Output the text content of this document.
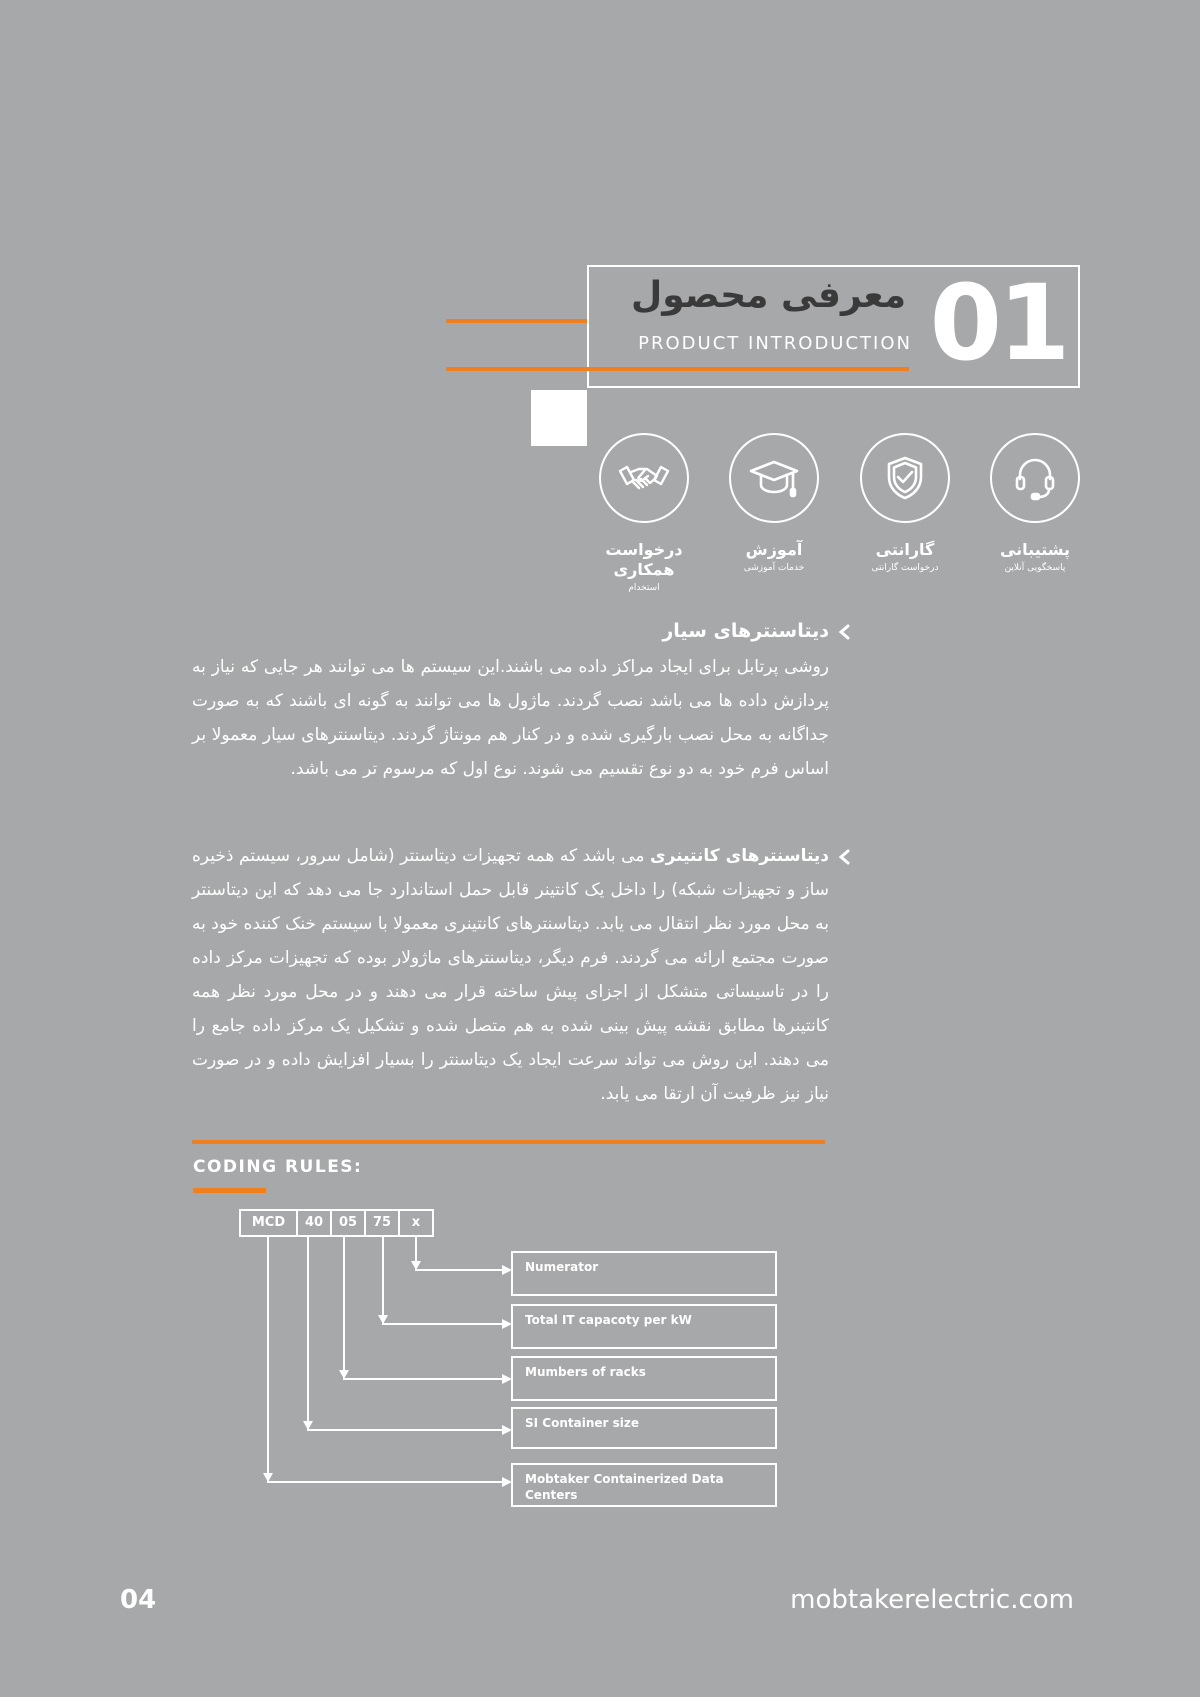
01
معرفی محصول
PRODUCT INTRODUCTION
پشتیبانی
پاسخگویی آنلاین
گارانتی
درخواست گارانتی
آموزش
خدمات آموزشی
درخواست همکاری
استخدام
دیتاسنترهای سیار
روشی پرتابل برای ایجاد مراکز داده می باشند.این سیستم ها می توانند هر جایی که نیاز به پردازش داده ها می باشد نصب گردند. ماژول ها می توانند به گونه ای باشند که به صورت جداگانه به محل نصب بارگیری شده و در کنار هم مونتاژ گردند. دیتاسنترهای سیار معمولا بر اساس فرم خود به دو نوع تقسیم می شوند. نوع اول که مرسوم تر می باشد.
دیتاسنترهای کانتینری می باشد که همه تجهیزات دیتاسنتر (شامل سرور، سیستم ذخیره ساز و تجهیزات شبکه) را داخل یک کانتینر قابل حمل استاندارد جا می دهد که این دیتاسنتر به محل مورد نظر انتقال می یابد. دیتاسنترهای کانتینری معمولا با سیستم خنک کننده خود به صورت مجتمع ارائه می گردند. فرم دیگر، دیتاسنترهای ماژولار بوده که تجهیزات مرکز داده را در تاسیساتی متشکل از اجزای پیش ساخته قرار می دهند و در محل مورد نظر همه کانتینرها مطابق نقشه پیش بینی شده به هم متصل شده و تشکیل یک مرکز داده جامع را می دهند. این روش می تواند سرعت ایجاد یک دیتاسنتر را بسیار افزایش داده و در صورت نیاز نیز ظرفیت آن ارتقا می یابد.
CODING RULES:
MCD	40	05	75	x
Numerator
Total IT capacoty per kW
Mumbers of racks
SI Container size
Mobtaker Containerized Data Centers
04	mobtakerelectric.com
